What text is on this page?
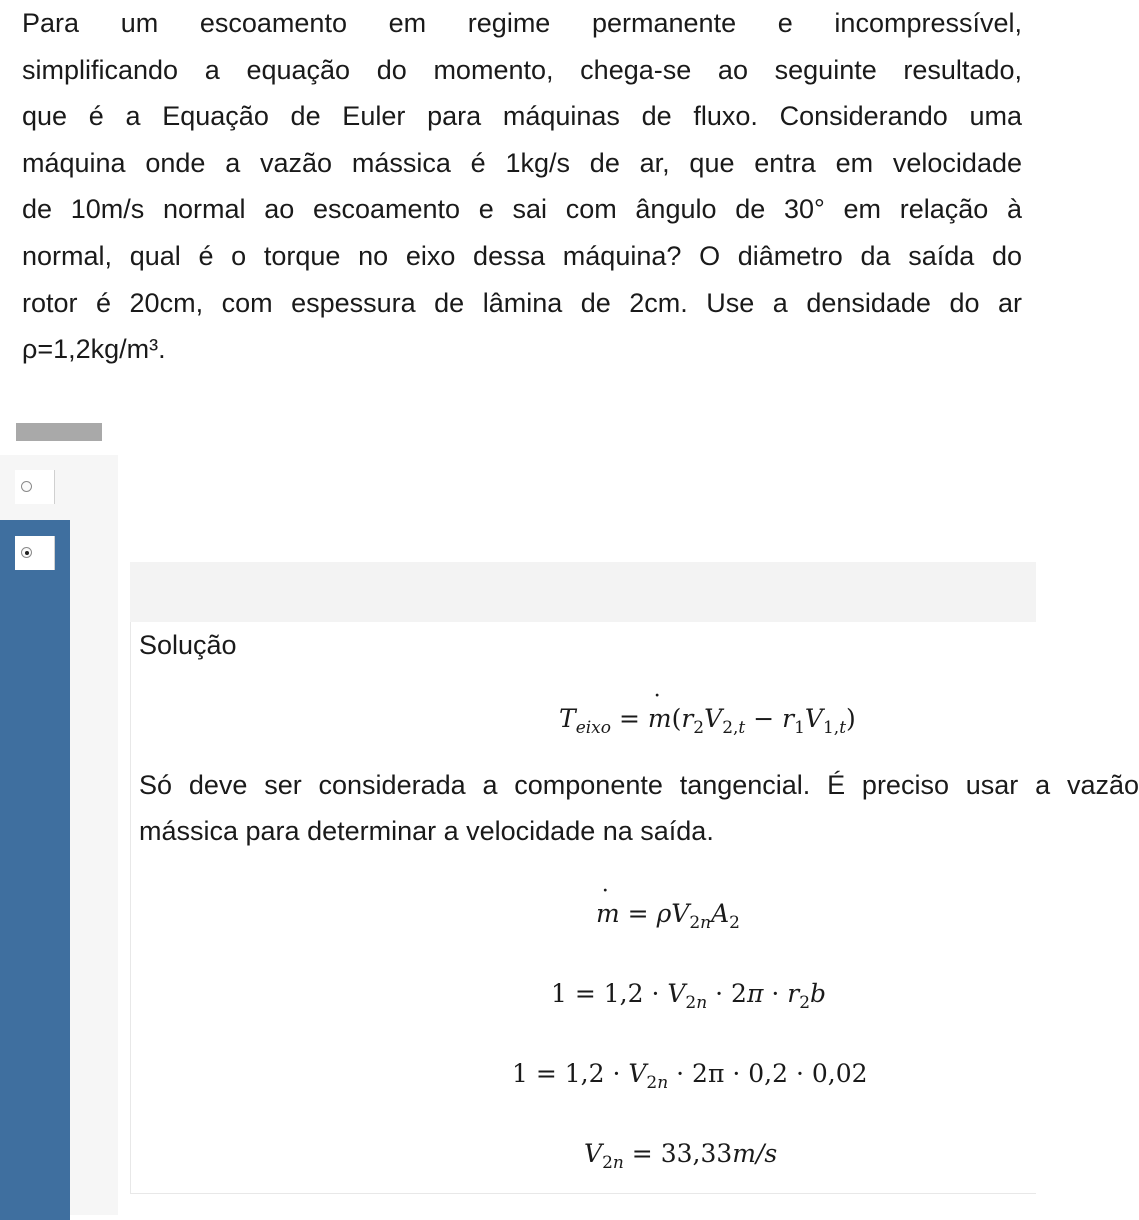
Para um escoamento em regime permanente e incompressível,

simplificando a equação do momento, chega-se ao seguinte resultado,

que é a Equação de Euler para máquinas de fluxo. Considerando uma

máquina onde a vazão mássica é 1kg/s de ar, que entra em velocidade

de 10m/s normal ao escoamento e sai com ângulo de 30° em relação à

normal, qual é o torque no eixo dessa máquina? O diâmetro da saída do

rotor é 20cm, com espessura de lâmina de 2cm. Use a densidade do ar

ρ=1,2kg/m³.

Solução
$T_{eixo}$ = ˙ $m(r_2V_{2,t} - r_1V_{1,t})$

Só deve ser considerada a componente tangencial. É preciso usar a vazão

mássica para determinar a velocidade na saída.

˙ $m = \rho V_{2n}A_2$
$1 = 1,2 \cdot V_{2n} \cdot 2\pi \cdot r_2b$
$1 = 1,2 \cdot V_{2n} \cdot 2\pi \cdot 0,2 \cdot 0,02$
$V_{2n} = 33,33m/s$
